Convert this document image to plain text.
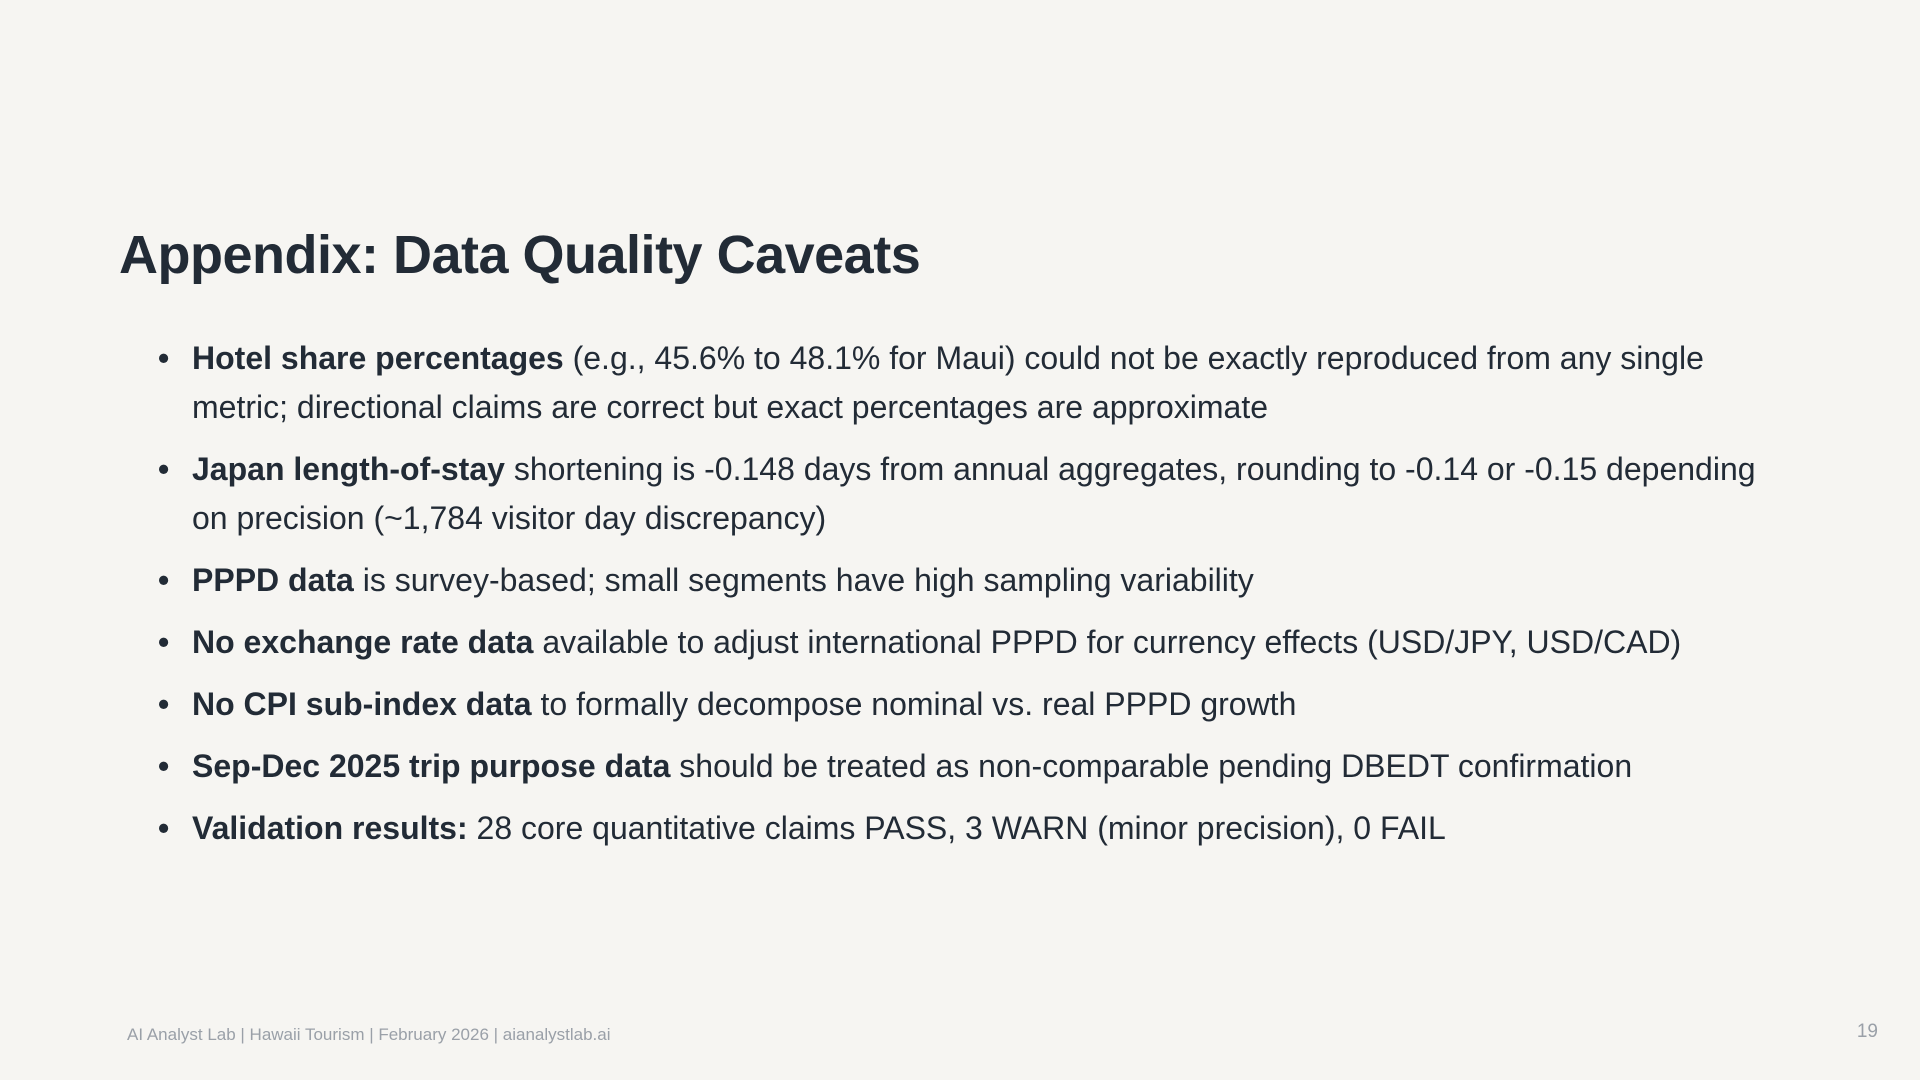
Appendix: Data Quality Caveats
• Hotel share percentages (e.g., 45.6% to 48.1% for Maui) could not be exactly reproduced from any single metric; directional claims are correct but exact percentages are approximate
• Japan length-of-stay shortening is -0.148 days from annual aggregates, rounding to -0.14 or -0.15 depending on precision (~1,784 visitor day discrepancy)
• PPPD data is survey-based; small segments have high sampling variability
• No exchange rate data available to adjust international PPPD for currency effects (USD/JPY, USD/CAD)
• No CPI sub-index data to formally decompose nominal vs. real PPPD growth
• Sep-Dec 2025 trip purpose data should be treated as non-comparable pending DBEDT confirmation
• Validation results: 28 core quantitative claims PASS, 3 WARN (minor precision), 0 FAIL
AI Analyst Lab | Hawaii Tourism | February 2026 | aianalystlab.ai	19
